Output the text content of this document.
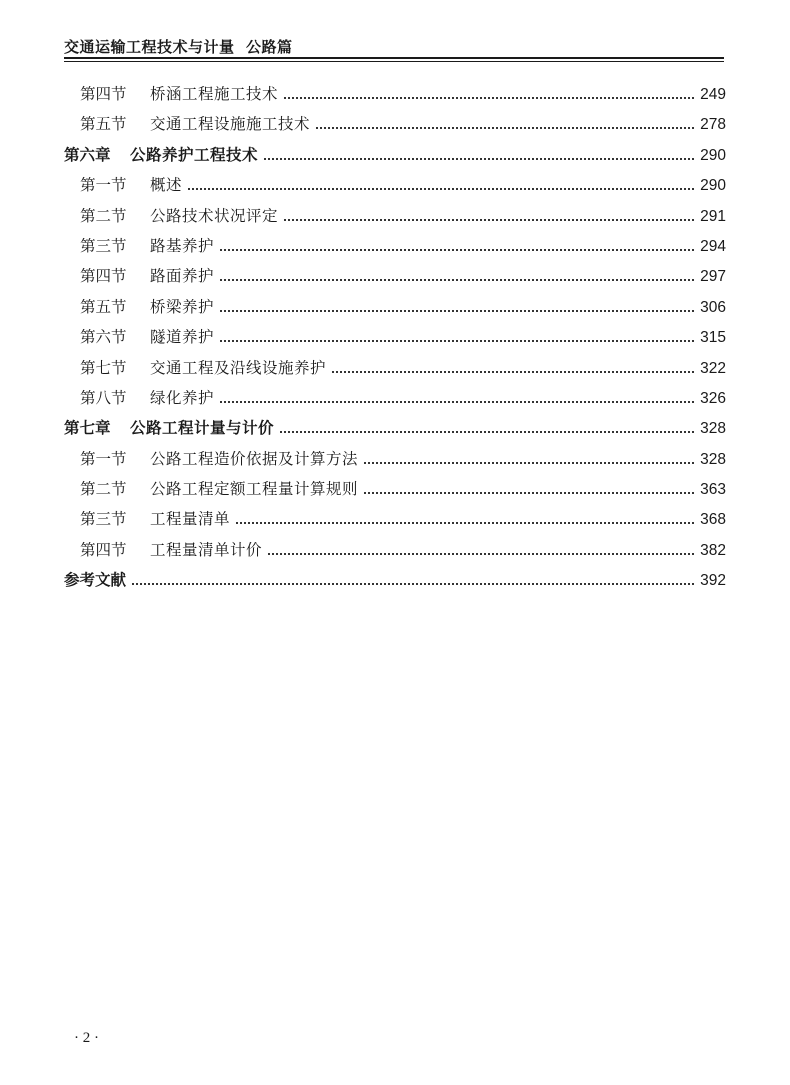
交通运输工程技术与计量 公路篇
第四节	桥涵工程施工技术	249
第五节	交通工程设施施工技术	278
第六章	公路养护工程技术	290
第一节	概述	290
第二节	公路技术状况评定	291
第三节	路基养护	294
第四节	路面养护	297
第五节	桥梁养护	306
第六节	隧道养护	315
第七节	交通工程及沿线设施养护	322
第八节	绿化养护	326
第七章	公路工程计量与计价	328
第一节	公路工程造价依据及计算方法	328
第二节	公路工程定额工程量计算规则	363
第三节	工程量清单	368
第四节	工程量清单计价	382
参考文献	392
· 2 ·
